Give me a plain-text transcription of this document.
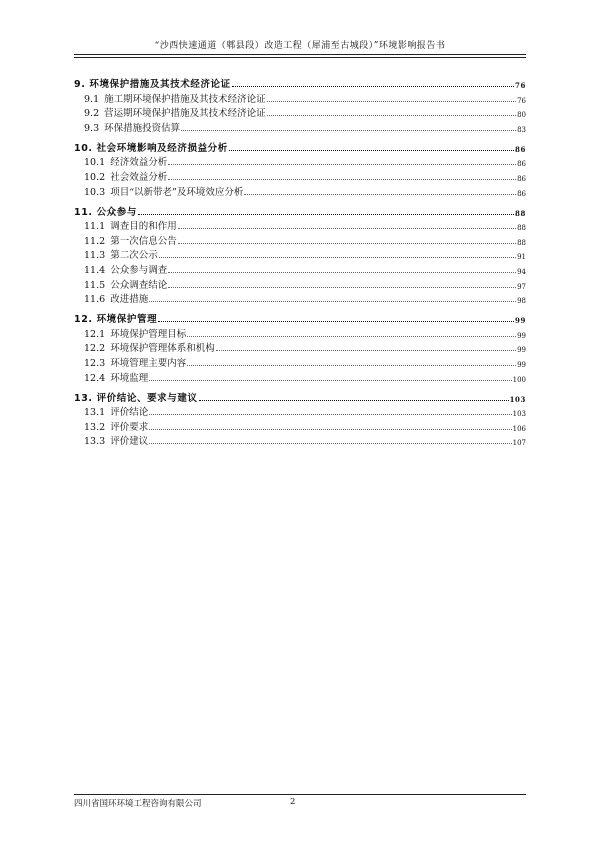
“沙西快速通道（郫县段）改造工程（犀浦至古城段）”环境影响报告书
9. 环境保护措施及其技术经济论证	76
9.1 施工期环境保护措施及其技术经济论证	76
9.2 营运期环境保护措施及其技术经济论证	80
9.3 环保措施投资估算	83
10. 社会环境影响及经济损益分析	86
10.1 经济效益分析	86
10.2 社会效益分析	86
10.3 项目“以新带老”及环境效应分析	86
11. 公众参与	88
11.1 调查目的和作用	88
11.2 第一次信息公告	88
11.3 第二次公示	91
11.4 公众参与调查	94
11.5 公众调查结论	97
11.6 改进措施	98
12. 环境保护管理	99
12.1 环境保护管理目标	99
12.2 环境保护管理体系和机构	99
12.3 环境管理主要内容	99
12.4 环境监理	100
13. 评价结论、要求与建议	103
13.1 评价结论	103
13.2 评价要求	106
13.3 评价建议	107
四川省国环环境工程咨询有限公司	2
